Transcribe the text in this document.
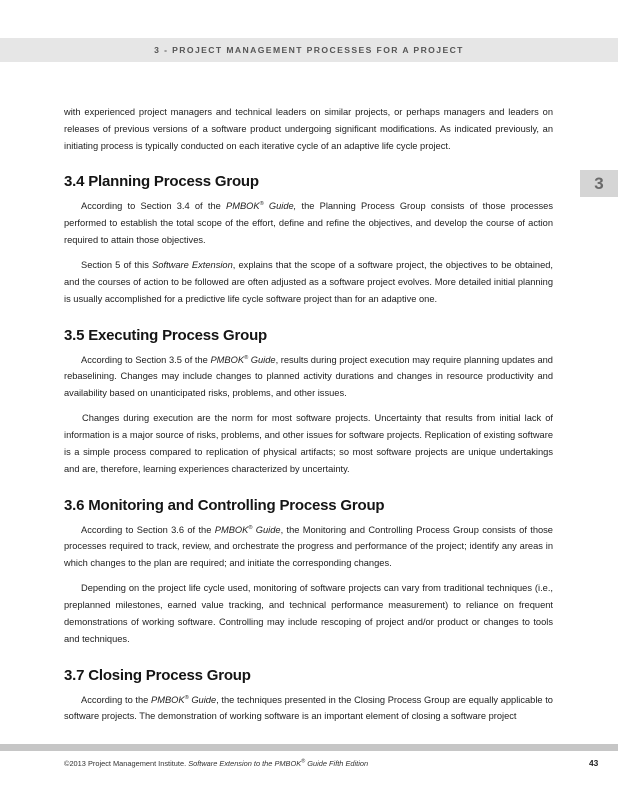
3 - PROJECT MANAGEMENT PROCESSES FOR A PROJECT
3

with experienced project managers and technical leaders on similar projects, or perhaps managers and leaders on releases of previous versions of a software product undergoing significant modifications. As indicated previously, an initiating process is typically conducted on each iterative cycle of an adaptive life cycle project.

3.4 Planning Process Group

According to Section 3.4 of the PMBOK® Guide, the Planning Process Group consists of those processes performed to establish the total scope of the effort, define and refine the objectives, and develop the course of action required to attain those objectives.

Section 5 of this Software Extension, explains that the scope of a software project, the objectives to be obtained, and the courses of action to be followed are often adjusted as a software project evolves. More detailed initial planning is usually accomplished for a predictive life cycle software project than for an adaptive one.

3.5 Executing Process Group

According to Section 3.5 of the PMBOK® Guide, results during project execution may require planning updates and rebaselining. Changes may include changes to planned activity durations and changes in resource productivity and availability based on unanticipated risks, problems, and other issues.

Changes during execution are the norm for most software projects. Uncertainty that results from initial lack of information is a major source of risks, problems, and other issues for software projects. Replication of existing software is a simple process compared to replication of physical artifacts; so most software projects are unique undertakings and are, therefore, learning experiences characterized by uncertainty.

3.6 Monitoring and Controlling Process Group

According to Section 3.6 of the PMBOK® Guide, the Monitoring and Controlling Process Group consists of those processes required to track, review, and orchestrate the progress and performance of the project; identify any areas in which changes to the plan are required; and initiate the corresponding changes.

Depending on the project life cycle used, monitoring of software projects can vary from traditional techniques (i.e., preplanned milestones, earned value tracking, and technical performance measurement) to reliance on frequent demonstrations of working software. Controlling may include rescoping of project and/or product or changes to tools and techniques.

3.7 Closing Process Group

According to the PMBOK® Guide, the techniques presented in the Closing Process Group are equally applicable to software projects. The demonstration of working software is an important element of closing a software project

©2013 Project Management Institute. Software Extension to the PMBOK® Guide Fifth Edition	43
